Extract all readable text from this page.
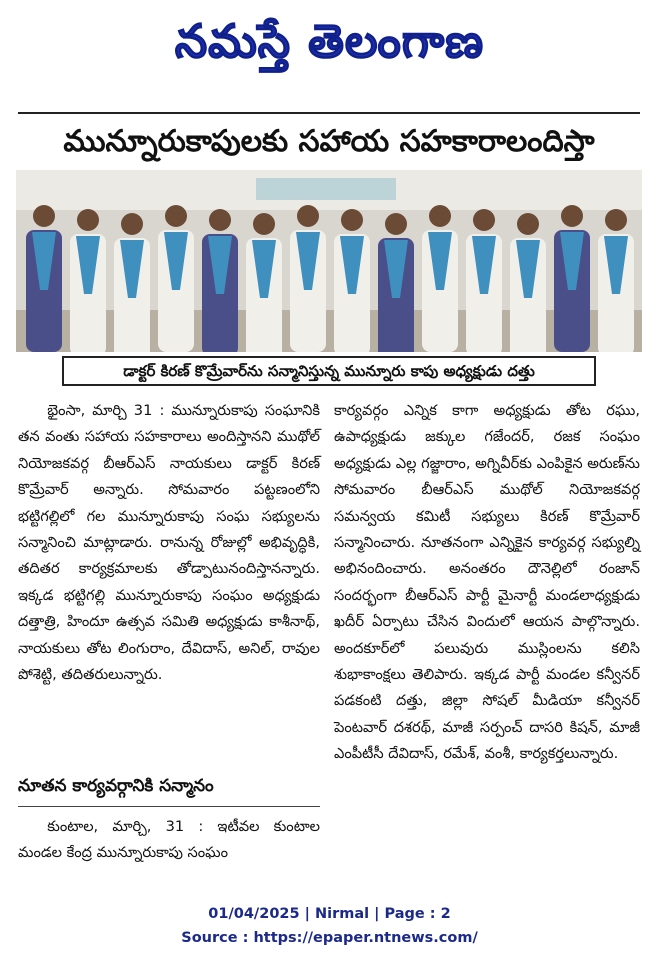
నమస్తే తెలంగాణ
మున్నూరుకాపులకు సహాయ సహకారాలందిస్తా
డాక్టర్ కిరణ్ కొమ్రేవార్‌ను సన్మానిస్తున్న మున్నూరు కాపు అధ్యక్షుడు దత్తు

భైంసా, మార్చి 31 : మున్నూరుకాపు సంఘానికి తన వంతు సహాయ సహకారాలు అందిస్తానని ముథోల్ నియోజకవర్గ బీఆర్ఎస్ నాయకులు డాక్టర్ కిరణ్ కొమ్రేవార్ అన్నారు. సోమవారం పట్టణంలోని భట్టిగల్లిలో గల మున్నూరుకాపు సంఘ సభ్యులను సన్మానించి మాట్లాడారు. రానున్న రోజుల్లో అభివృద్ధికి, తదితర కార్యక్రమాలకు తోడ్పాటునందిస్తానన్నారు. ఇక్కడ భట్టిగల్లి మున్నూరుకాపు సంఘం అధ్యక్షుడు దత్తాత్రి, హిందూ ఉత్సవ సమితి అధ్యక్షుడు కాశీనాథ్, నాయకులు తోట లింగురాం, దేవిదాస్, అనిల్, రావుల పోశెట్టి, తదితరులున్నారు.

నూతన కార్యవర్గానికి సన్మానం

కుంటాల, మార్చి, 31 : ఇటీవల కుంటాల మండల కేంద్ర మున్నూరుకాపు సంఘం

కార్యవర్గం ఎన్నిక కాగా అధ్యక్షుడు తోట రఘు, ఉపాధ్యక్షుడు జక్కుల గజేందర్, రజక సంఘం అధ్యక్షుడు ఎల్ల గజ్జారాం, అగ్నివీర్‌కు ఎంపికైన అరుణ్‌ను సోమవారం బీఆర్ఎస్ ముథోల్ నియోజకవర్గ సమన్వయ కమిటీ సభ్యులు కిరణ్ కొమ్రేవార్ సన్మానించారు. నూతనంగా ఎన్నికైన కార్యవర్గ సభ్యుల్ని అభినందించారు. అనంతరం దౌనెల్లిలో రంజాన్ సందర్భంగా బీఆర్ఎస్ పార్టీ మైనార్టీ మండలాధ్యక్షుడు ఖదీర్ ఏర్పాటు చేసిన విందులో ఆయన పాల్గొన్నారు. అందకూర్‌లో పలువురు ముస్లింలను కలిసి శుభాకాంక్షలు తెలిపారు. ఇక్కడ పార్టీ మండల కన్వీనర్ పడకంటి దత్తు, జిల్లా సోషల్ మీడియా కన్వీనర్ పెంటవార్ దశరథ్, మాజీ సర్పంచ్ దాసరి కిషన్, మాజీ ఎంపీటీసీ దేవిదాస్, రమేశ్, వంశీ, కార్యకర్తలున్నారు.

01/04/2025 | Nirmal | Page : 2
Source : https://epaper.ntnews.com/
